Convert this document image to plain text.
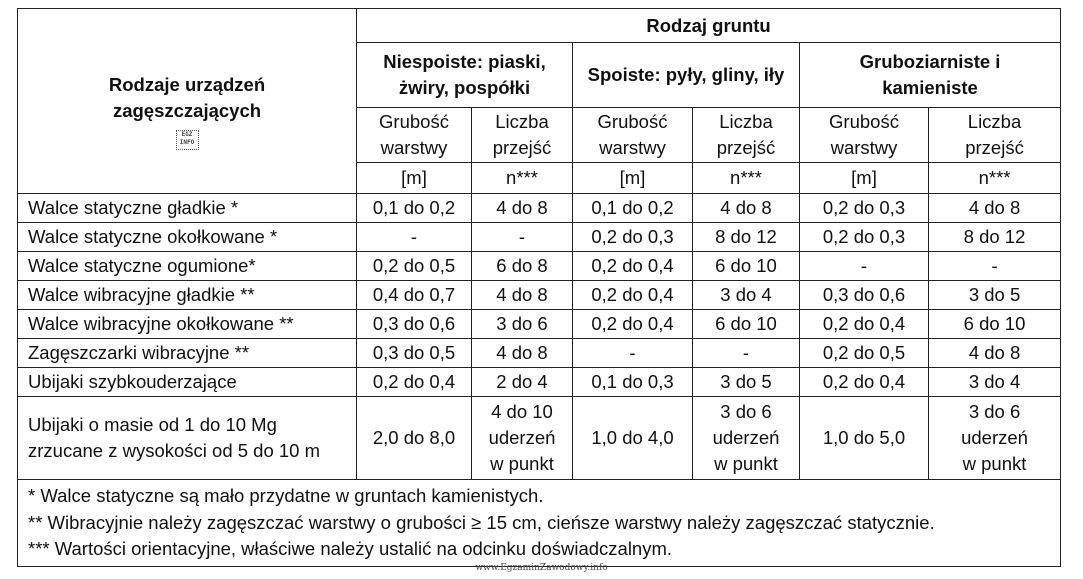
Rodzaje urządzeń zagęszczających
EGZ INFO	Rodzaj gruntu					
	Niespoiste: piaski, żwiry, pospółki		Spoiste: pyły, gliny, iły		Gruboziarniste i kamieniste	
	Grubość warstwy	Liczba przejść	Grubość warstwy	Liczba przejść	Grubość warstwy	Liczba przejść
	[m]	n***	[m]	n***	[m]	n***
Walce statyczne gładkie *	0,1 do 0,2	4 do 8	0,1 do 0,2	4 do 8	0,2 do 0,3	4 do 8
Walce statyczne okołkowane *	-	-	0,2 do 0,3	8 do 12	0,2 do 0,3	8 do 12
Walce statyczne ogumione*	0,2 do 0,5	6 do 8	0,2 do 0,4	6 do 10	-	-
Walce wibracyjne gładkie **	0,4 do 0,7	4 do 8	0,2 do 0,4	3 do 4	0,3 do 0,6	3 do 5
Walce wibracyjne okołkowane **	0,3 do 0,6	3 do 6	0,2 do 0,4	6 do 10	0,2 do 0,4	6 do 10
Zagęszczarki wibracyjne **	0,3 do 0,5	4 do 8	-	-	0,2 do 0,5	4 do 8
Ubijaki szybkouderzające	0,2 do 0,4	2 do 4	0,1 do 0,3	3 do 5	0,2 do 0,4	3 do 4
Ubijaki o masie od 1 do 10 Mg zrzucane z wysokości od 5 do 10 m	2,0 do 8,0	4 do 10 uderzeń w punkt	1,0 do 4,0	3 do 6 uderzeń w punkt	1,0 do 5,0	3 do 6 uderzeń w punkt

* Walce statyczne są mało przydatne w gruntach kamienistych.
** Wibracyjnie należy zagęszczać warstwy o grubości ≥ 15 cm, cieńsze warstwy należy zagęszczać statycznie.
*** Wartości orientacyjne, właściwe należy ustalić na odcinku doświadczalnym.						
www.EgzaminZawodowy.info
